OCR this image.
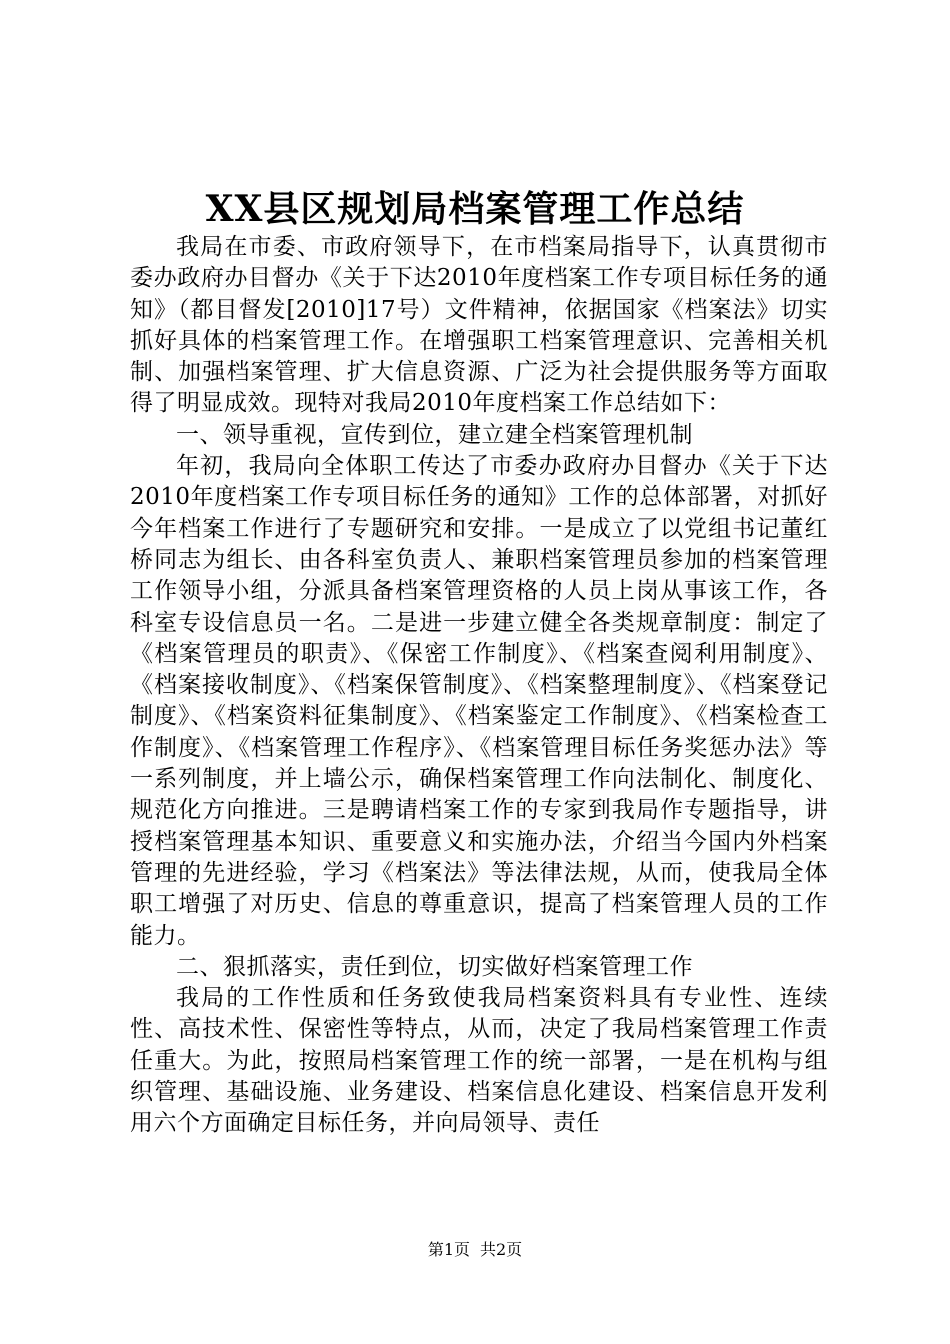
XX县区规划局档案管理工作总结

我局在市委、市政府领导下，在市档案局指导下，认真贯彻市委办政府办目督办《关于下达2010年度档案工作专项目标任务的通知》（都目督发[2010]17号）文件精神，依据国家《档案法》切实抓好具体的档案管理工作。在增强职工档案管理意识、完善相关机制、加强档案管理、扩大信息资源、广泛为社会提供服务等方面取得了明显成效。现特对我局2010年度档案工作总结如下：

一、领导重视，宣传到位，建立建全档案管理机制

年初，我局向全体职工传达了市委办政府办目督办《关于下达2010年度档案工作专项目标任务的通知》工作的总体部署，对抓好今年档案工作进行了专题研究和安排。一是成立了以党组书记董红桥同志为组长、由各科室负责人、兼职档案管理员参加的档案管理工作领导小组，分派具备档案管理资格的人员上岗从事该工作，各科室专设信息员一名。二是进一步建立健全各类规章制度：制定了《档案管理员的职责》、《保密工作制度》、《档案查阅利用制度》、《档案接收制度》、《档案保管制度》、《档案整理制度》、《档案登记制度》、《档案资料征集制度》、《档案鉴定工作制度》、《档案检查工作制度》、《档案管理工作程序》、《档案管理目标任务奖惩办法》等一系列制度，并上墙公示，确保档案管理工作向法制化、制度化、规范化方向推进。三是聘请档案工作的专家到我局作专题指导，讲授档案管理基本知识、重要意义和实施办法，介绍当今国内外档案管理的先进经验，学习《档案法》等法律法规，从而，使我局全体职工增强了对历史、信息的尊重意识，提高了档案管理人员的工作能力。

二、狠抓落实，责任到位，切实做好档案管理工作

我局的工作性质和任务致使我局档案资料具有专业性、连续性、高技术性、保密性等特点，从而，决定了我局档案管理工作责任重大。为此，按照局档案管理工作的统一部署，一是在机构与组织管理、基础设施、业务建设、档案信息化建设、档案信息开发利用六个方面确定目标任务，并向局领导、责任

第1页 共2页
